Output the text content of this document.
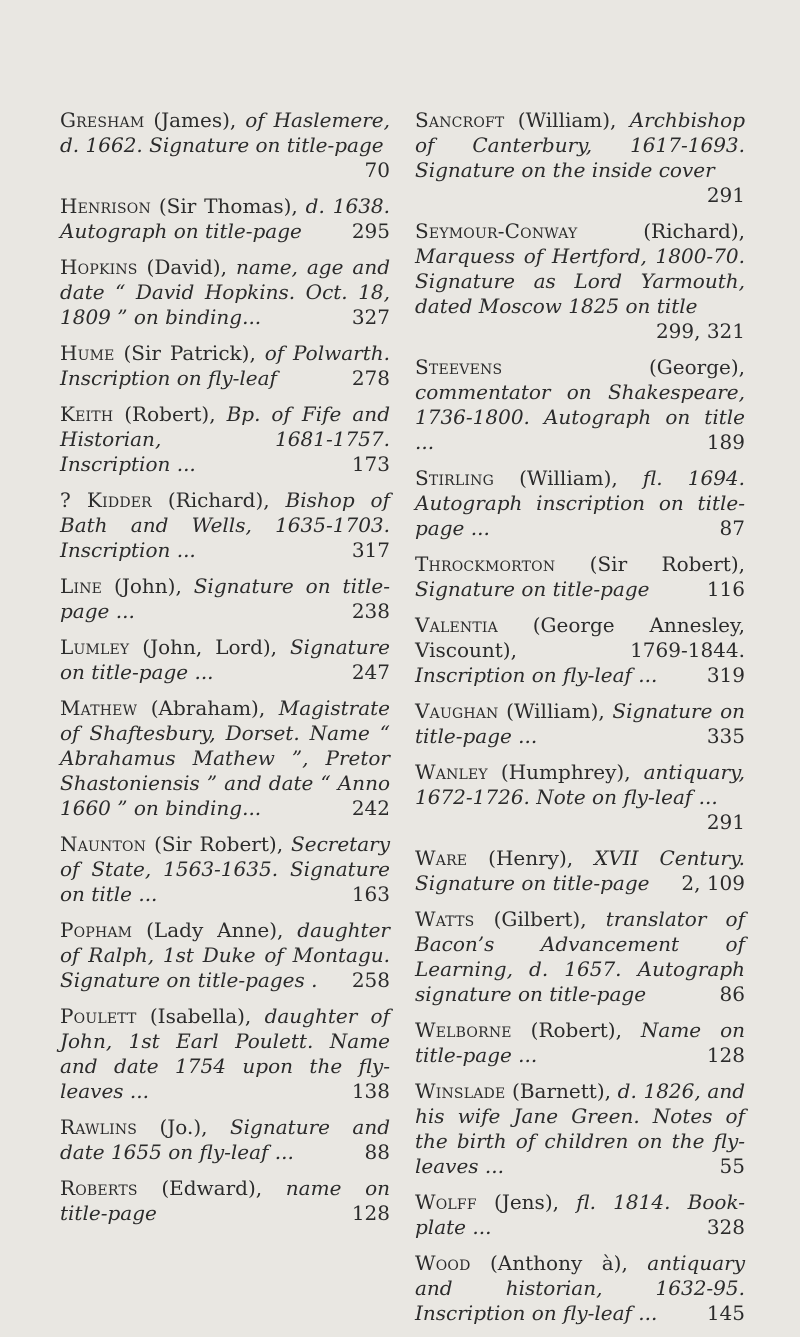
Gresham (James), of Haslemere, d. 1662. Signature on title-page
70

Henrison (Sir Thomas), d. 1638. Autograph on title-page 295

Hopkins (David), name, age and date “ David Hopkins. Oct. 18, 1809 ” on binding...	327

Hume (Sir Patrick), of Polwarth. Inscription on fly-leaf	278

Keith (Robert), Bp. of Fife and Historian, 1681-1757. Inscription ...	173

? Kidder (Richard), Bishop of Bath and Wells, 1635-1703. Inscription ...	317

Line (John), Signature on title-page ...	238

Lumley (John, Lord), Signature on title-page ...	247

Mathew (Abraham), Magistrate of Shaftesbury, Dorset. Name “ Abrahamus Mathew ”, Pretor Shastoniensis ” and date “ Anno 1660 ” on binding...	242

Naunton (Sir Robert), Secretary of State, 1563-1635. Signature on title ...	163

Popham (Lady Anne), daughter of Ralph, 1st Duke of Montagu. Signature on title-pages . 258

Poulett (Isabella), daughter of John, 1st Earl Poulett. Name and date 1754 upon the fly-leaves ...	138

Rawlins (Jo.), Signature and date 1655 on fly-leaf ...	88

Roberts (Edward), name on title-page	128

Sancroft (William), Archbishop of Canterbury, 1617-1693. Signature on the inside cover
291

Seymour-Conway (Richard), Marquess of Hertford, 1800-70. Signature as Lord Yarmouth, dated Moscow 1825 on title
299, 321

Steevens (George), commentator on Shakespeare, 1736-1800. Autograph on title ...	189

Stirling (William), fl. 1694. Autograph inscription on title-page ...	87

Throckmorton (Sir Robert), Signature on title-page	116

Valentia (George Annesley, Viscount), 1769-1844. Inscription on fly-leaf ... 319

Vaughan (William), Signature on title-page ...	335

Wanley (Humphrey), antiquary, 1672-1726. Note on fly-leaf ...
291

Ware (Henry), XVII Century. Signature on title-page 2, 109

Watts (Gilbert), translator of Bacon’s Advancement of Learning, d. 1657. Autograph signature on title-page	86

Welborne (Robert), Name on title-page ...	128

Winslade (Barnett), d. 1826, and his wife Jane Green. Notes of the birth of children on the fly-leaves ...	55

Wolff (Jens), fl. 1814. Book-plate ...	328

Wood (Anthony à), antiquary and historian, 1632-95. Inscription on fly-leaf ... 145
